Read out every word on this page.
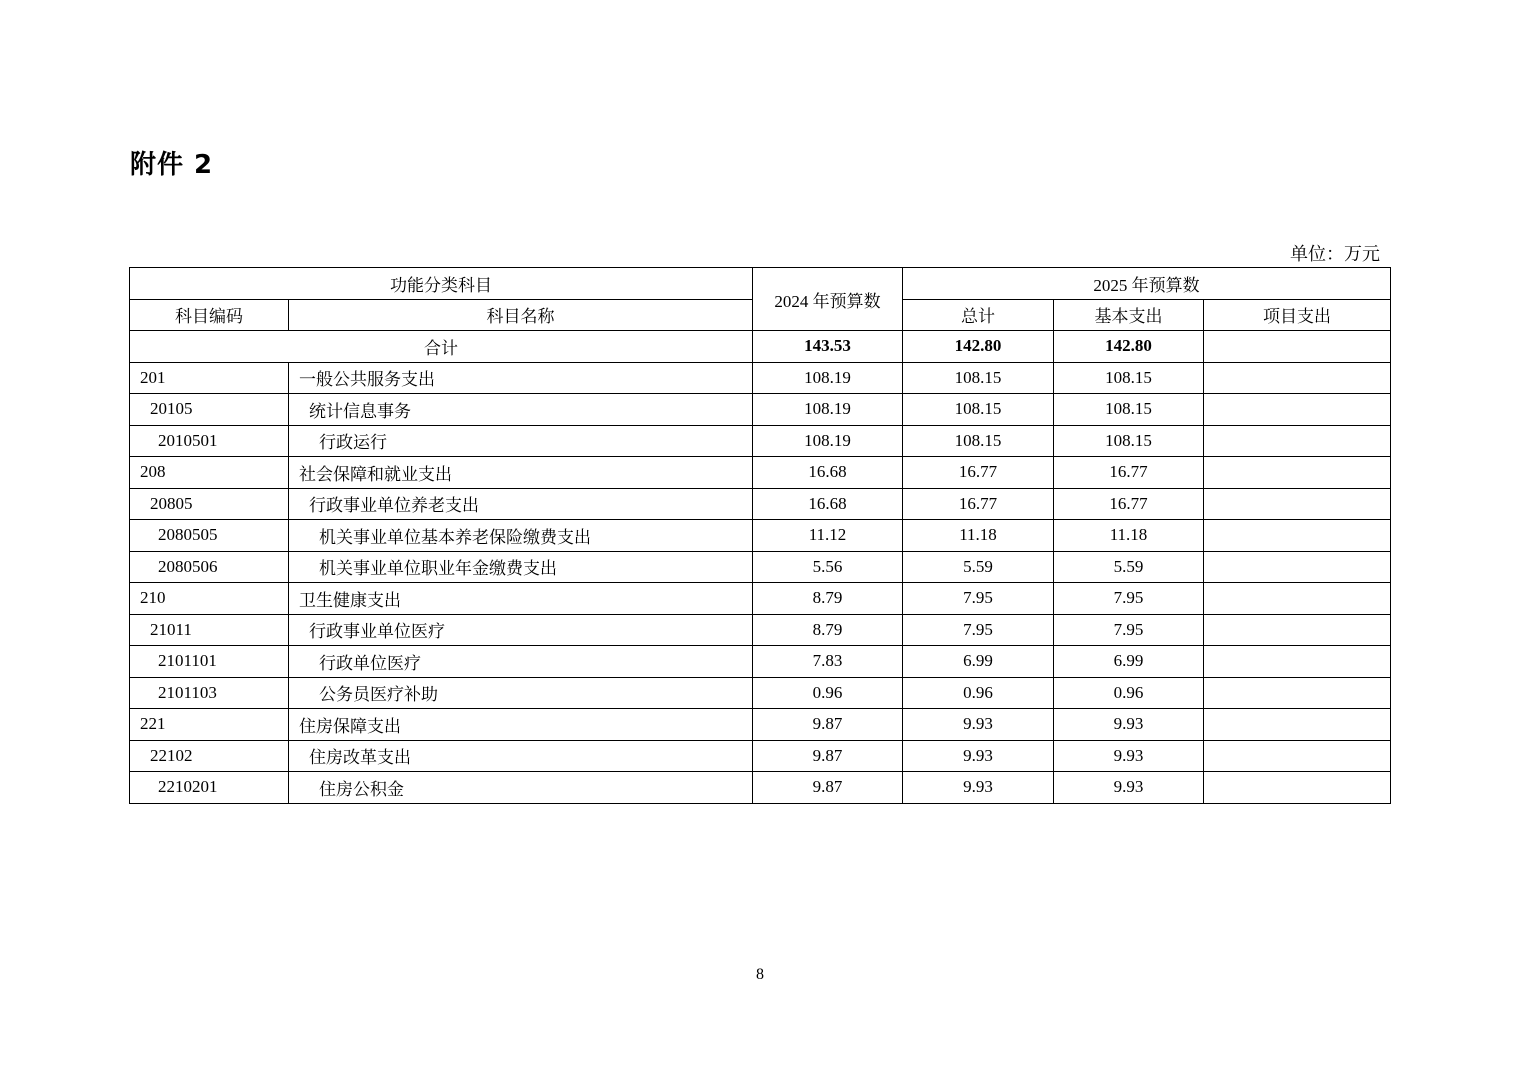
附件 2
单位：万元
功能分类科目		2024 年预算数	2025 年预算数		
科目编码	科目名称		总计	基本支出	项目支出
合计		143.53	142.80	142.80	
201	一般公共服务支出	108.19	108.15	108.15	
20105	统计信息事务	108.19	108.15	108.15	
2010501	行政运行	108.19	108.15	108.15	
208	社会保障和就业支出	16.68	16.77	16.77	
20805	行政事业单位养老支出	16.68	16.77	16.77	
2080505	机关事业单位基本养老保险缴费支出	11.12	11.18	11.18	
2080506	机关事业单位职业年金缴费支出	5.56	5.59	5.59	
210	卫生健康支出	8.79	7.95	7.95	
21011	行政事业单位医疗	8.79	7.95	7.95	
2101101	行政单位医疗	7.83	6.99	6.99	
2101103	公务员医疗补助	0.96	0.96	0.96	
221	住房保障支出	9.87	9.93	9.93	
22102	住房改革支出	9.87	9.93	9.93	
2210201	住房公积金	9.87	9.93	9.93	
8
